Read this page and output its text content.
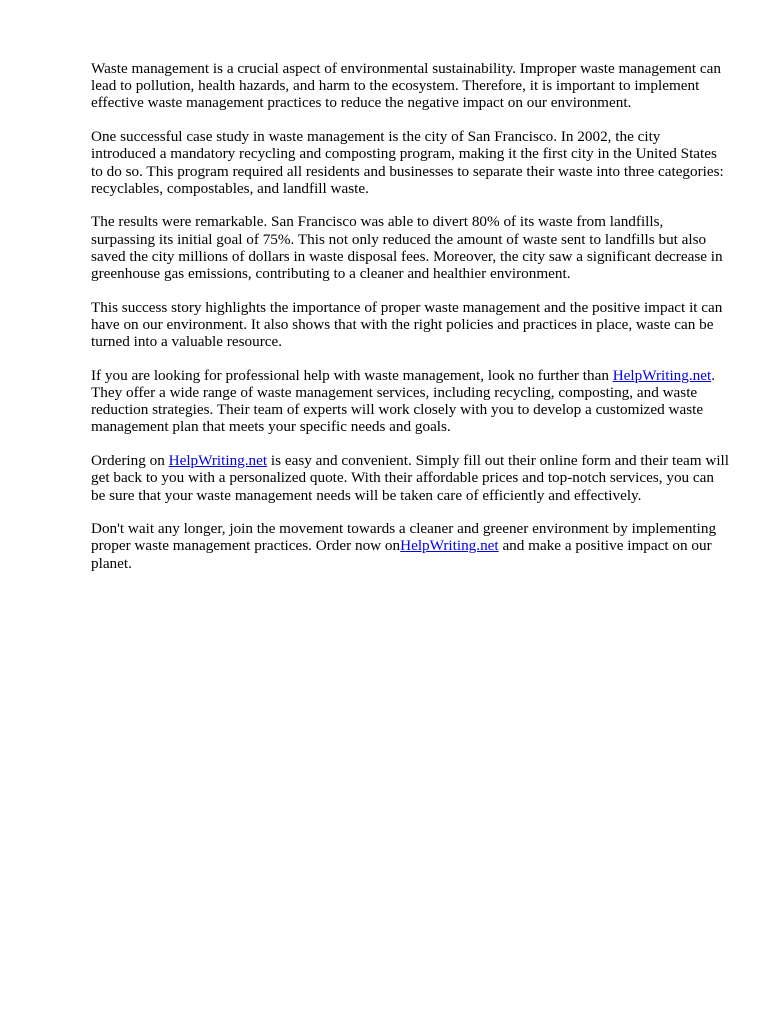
Waste management is a crucial aspect of environmental sustainability. Improper waste management can lead to pollution, health hazards, and harm to the ecosystem. Therefore, it is important to implement effective waste management practices to reduce the negative impact on our environment.

One successful case study in waste management is the city of San Francisco. In 2002, the city introduced a mandatory recycling and composting program, making it the first city in the United States to do so. This program required all residents and businesses to separate their waste into three categories: recyclables, compostables, and landfill waste.

The results were remarkable. San Francisco was able to divert 80% of its waste from landfills, surpassing its initial goal of 75%. This not only reduced the amount of waste sent to landfills but also saved the city millions of dollars in waste disposal fees. Moreover, the city saw a significant decrease in greenhouse gas emissions, contributing to a cleaner and healthier environment.

This success story highlights the importance of proper waste management and the positive impact it can have on our environment. It also shows that with the right policies and practices in place, waste can be turned into a valuable resource.

If you are looking for professional help with waste management, look no further than HelpWriting.net. They offer a wide range of waste management services, including recycling, composting, and waste reduction strategies. Their team of experts will work closely with you to develop a customized waste management plan that meets your specific needs and goals.

Ordering on HelpWriting.net is easy and convenient. Simply fill out their online form and their team will get back to you with a personalized quote. With their affordable prices and top-notch services, you can be sure that your waste management needs will be taken care of efficiently and effectively.

Don't wait any longer, join the movement towards a cleaner and greener environment by implementing proper waste management practices. Order now onHelpWriting.net and make a positive impact on our planet.
